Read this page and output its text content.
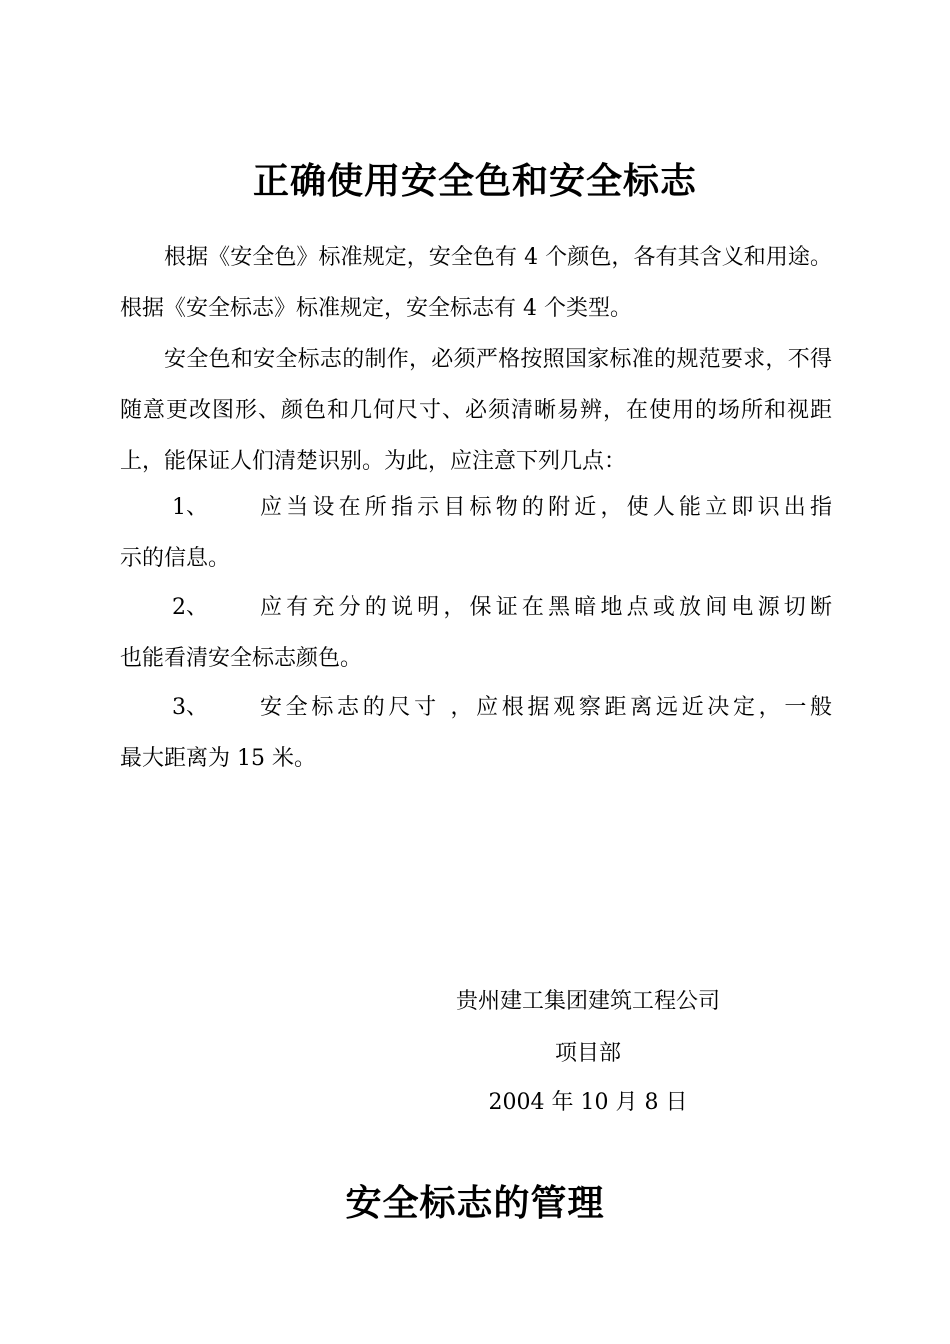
正确使用安全色和安全标志

根据《安全色》标准规定，安全色有 4 个颜色，各有其含义和用途。根据《安全标志》标准规定，安全标志有 4 个类型。

安全色和安全标志的制作，必须严格按照国家标准的规范要求，不得随意更改图形、颜色和几何尺寸、必须清晰易辨，在使用的场所和视距上，能保证人们清楚识别。为此，应注意下列几点：

1、 应当设在所指示目标物的附近，使人能立即识出指
示的信息。
2、 应有充分的说明，保证在黑暗地点或放间电源切断
也能看清安全标志颜色。
3、 安全标志的尺寸 ，应根据观察距离远近决定，一般
最大距离为 15 米。
贵州建工集团建筑工程公司
项目部
2004 年 10 月 8 日
安全标志的管理
